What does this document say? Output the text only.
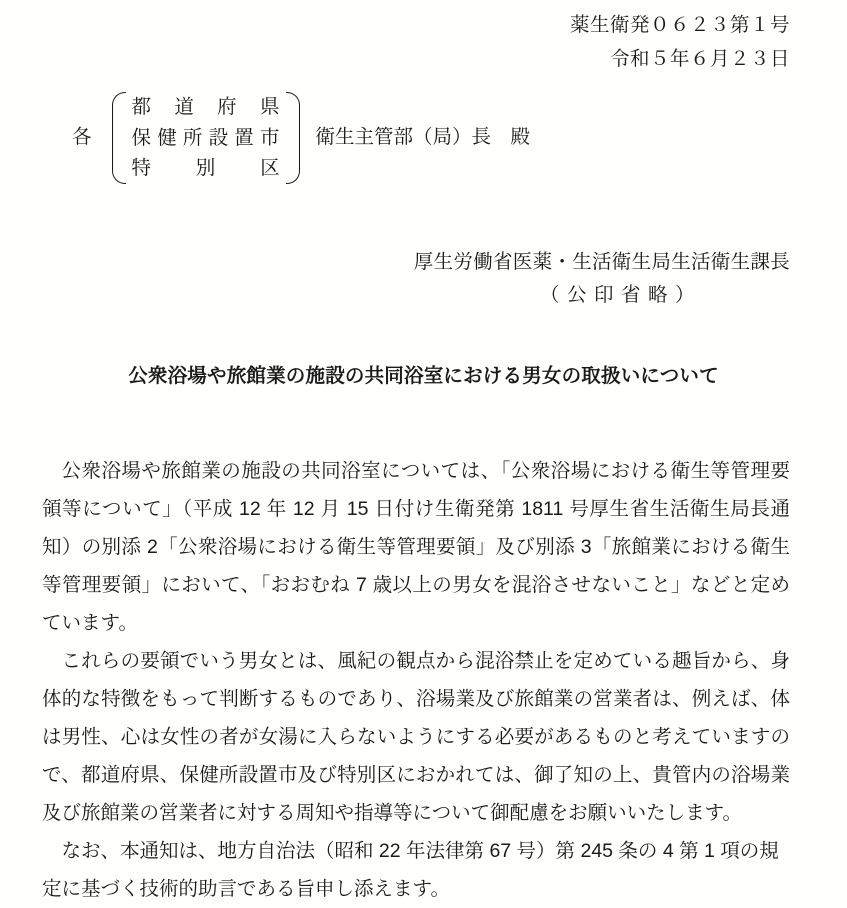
薬生衛発０６２３第１号
令和５年６月２３日
各
都 道 府 県
保 健 所 設 置 市
特 別 区
衛生主管部（局）長　殿
厚生労働省医薬・生活衛生局生活衛生課長
（公印省略）
公衆浴場や旅館業の施設の共同浴室における男女の取扱いについて

公衆浴場や旅館業の施設の共同浴室については、「公衆浴場における衛生等管理要領等について」（平成 12 年 12 月 15 日付け生衛発第 1811 号厚生省生活衛生局長通知）の別添 2「公衆浴場における衛生等管理要領」及び別添 3「旅館業における衛生等管理要領」において、「おおむね 7 歳以上の男女を混浴させないこと」などと定めています。

これらの要領でいう男女とは、風紀の観点から混浴禁止を定めている趣旨から、身体的な特徴をもって判断するものであり、浴場業及び旅館業の営業者は、例えば、体は男性、心は女性の者が女湯に入らないようにする必要があるものと考えていますので、都道府県、保健所設置市及び特別区におかれては、御了知の上、貴管内の浴場業及び旅館業の営業者に対する周知や指導等について御配慮をお願いいたします。

なお、本通知は、地方自治法（昭和 22 年法律第 67 号）第 245 条の 4 第 1 項の規定に基づく技術的助言である旨申し添えます。
